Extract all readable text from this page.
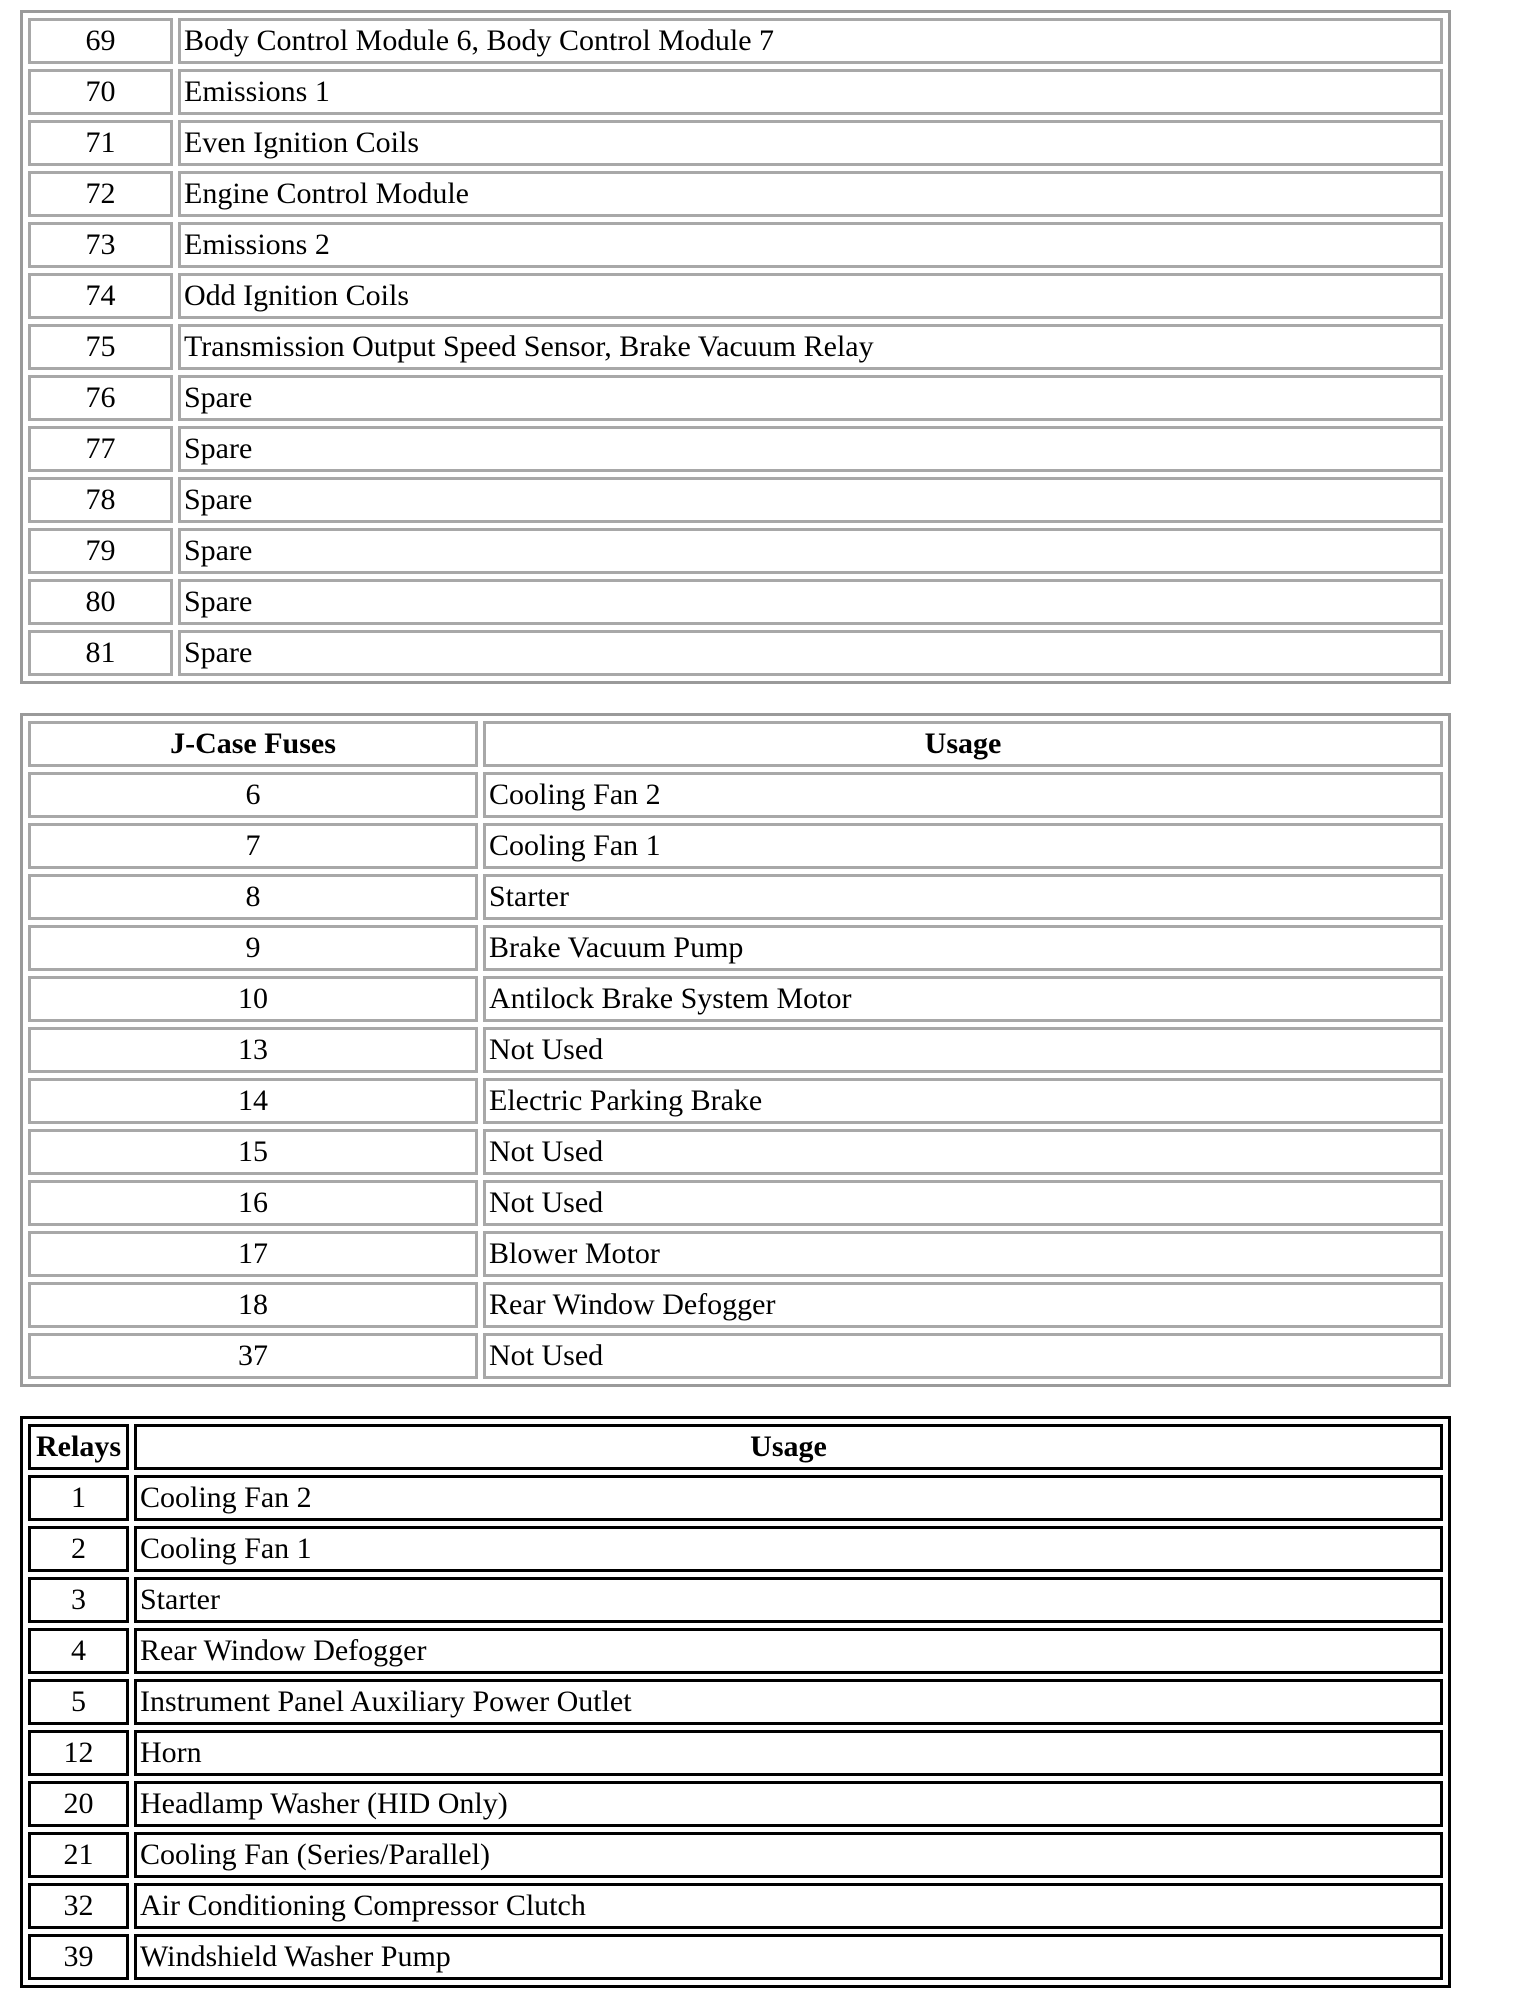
69	Body Control Module 6, Body Control Module 7
70	Emissions 1
71	Even Ignition Coils
72	Engine Control Module
73	Emissions 2
74	Odd Ignition Coils
75	Transmission Output Speed Sensor, Brake Vacuum Relay
76	Spare
77	Spare
78	Spare
79	Spare
80	Spare
81	Spare
J-Case Fuses	Usage
6	Cooling Fan 2
7	Cooling Fan 1
8	Starter
9	Brake Vacuum Pump
10	Antilock Brake System Motor
13	Not Used
14	Electric Parking Brake
15	Not Used
16	Not Used
17	Blower Motor
18	Rear Window Defogger
37	Not Used
Relays	Usage
1	Cooling Fan 2
2	Cooling Fan 1
3	Starter
4	Rear Window Defogger
5	Instrument Panel Auxiliary Power Outlet
12	Horn
20	Headlamp Washer (HID Only)
21	Cooling Fan (Series/Parallel)
32	Air Conditioning Compressor Clutch
39	Windshield Washer Pump
